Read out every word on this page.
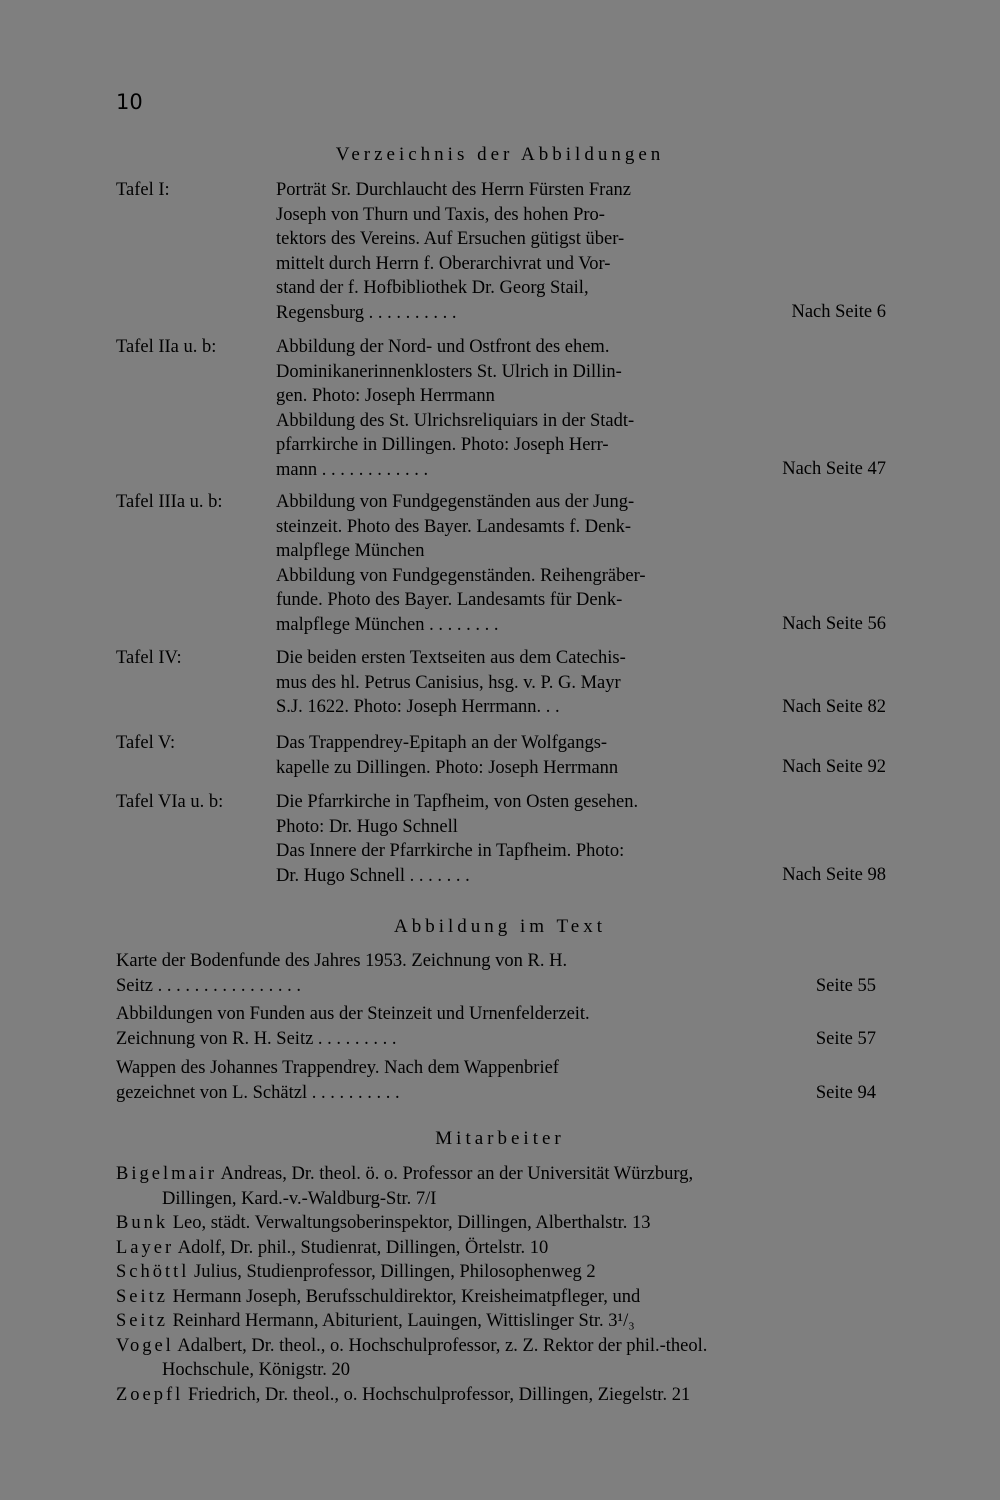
10
Verzeichnis der Abbildungen
Tafel I:	Porträt Sr. Durchlaucht des Herrn Fürsten Franz
Joseph von Thurn und Taxis, des hohen Pro-
tektors des Vereins. Auf Ersuchen gütigst über-
mittelt durch Herrn f. Oberarchivrat und Vor-
stand der f. Hofbibliothek Dr. Georg Stail,
Regensburg . . . . . . . . . .	Nach Seite 6
Tafel IIa u. b:	Abbildung der Nord- und Ostfront des ehem.
Dominikanerinnenklosters St. Ulrich in Dillin-
gen. Photo: Joseph Herrmann
Abbildung des St. Ulrichsreliquiars in der Stadt-
pfarrkirche in Dillingen. Photo: Joseph Herr-
mann . . . . . . . . . . . .	Nach Seite 47
Tafel IIIa u. b:	Abbildung von Fundgegenständen aus der Jung-
steinzeit. Photo des Bayer. Landesamts f. Denk-
malpflege München
Abbildung von Fundgegenständen. Reihengräber-
funde. Photo des Bayer. Landesamts für Denk-
malpflege München . . . . . . . .	Nach Seite 56
Tafel IV:	Die beiden ersten Textseiten aus dem Catechis-
mus des hl. Petrus Canisius, hsg. v. P. G. Mayr
S.J. 1622. Photo: Joseph Herrmann. . .	Nach Seite 82
Tafel V:	Das Trappendrey-Epitaph an der Wolfgangs-
kapelle zu Dillingen. Photo: Joseph Herrmann	Nach Seite 92
Tafel VIa u. b:	Die Pfarrkirche in Tapfheim, von Osten gesehen.
Photo: Dr. Hugo Schnell
Das Innere der Pfarrkirche in Tapfheim. Photo:
Dr. Hugo Schnell . . . . . . .	Nach Seite 98
Abbildung im Text
Karte der Bodenfunde des Jahres 1953. Zeichnung von R. H.
Seitz . . . . . . . . . . . . . . . .	Seite 55
Abbildungen von Funden aus der Steinzeit und Urnenfelderzeit.
Zeichnung von R. H. Seitz . . . . . . . . .	Seite 57
Wappen des Johannes Trappendrey. Nach dem Wappenbrief
gezeichnet von L. Schätzl . . . . . . . . . .	Seite 94
Mitarbeiter
Bigelmair Andreas, Dr. theol. ö. o. Professor an der Universität Würzburg,
Dillingen, Kard.-v.-Waldburg-Str. 7/I
Bunk Leo, städt. Verwaltungsoberinspektor, Dillingen, Alberthalstr. 13
Layer Adolf, Dr. phil., Studienrat, Dillingen, Örtelstr. 10
Schöttl Julius, Studienprofessor, Dillingen, Philosophenweg 2
Seitz Hermann Joseph, Berufsschuldirektor, Kreisheimatpfleger, und
Seitz Reinhard Hermann, Abiturient, Lauingen, Wittislinger Str. 3¹/₃
Vogel Adalbert, Dr. theol., o. Hochschulprofessor, z. Z. Rektor der phil.-theol.
Hochschule, Königstr. 20
Zoepfl Friedrich, Dr. theol., o. Hochschulprofessor, Dillingen, Ziegelstr. 21
